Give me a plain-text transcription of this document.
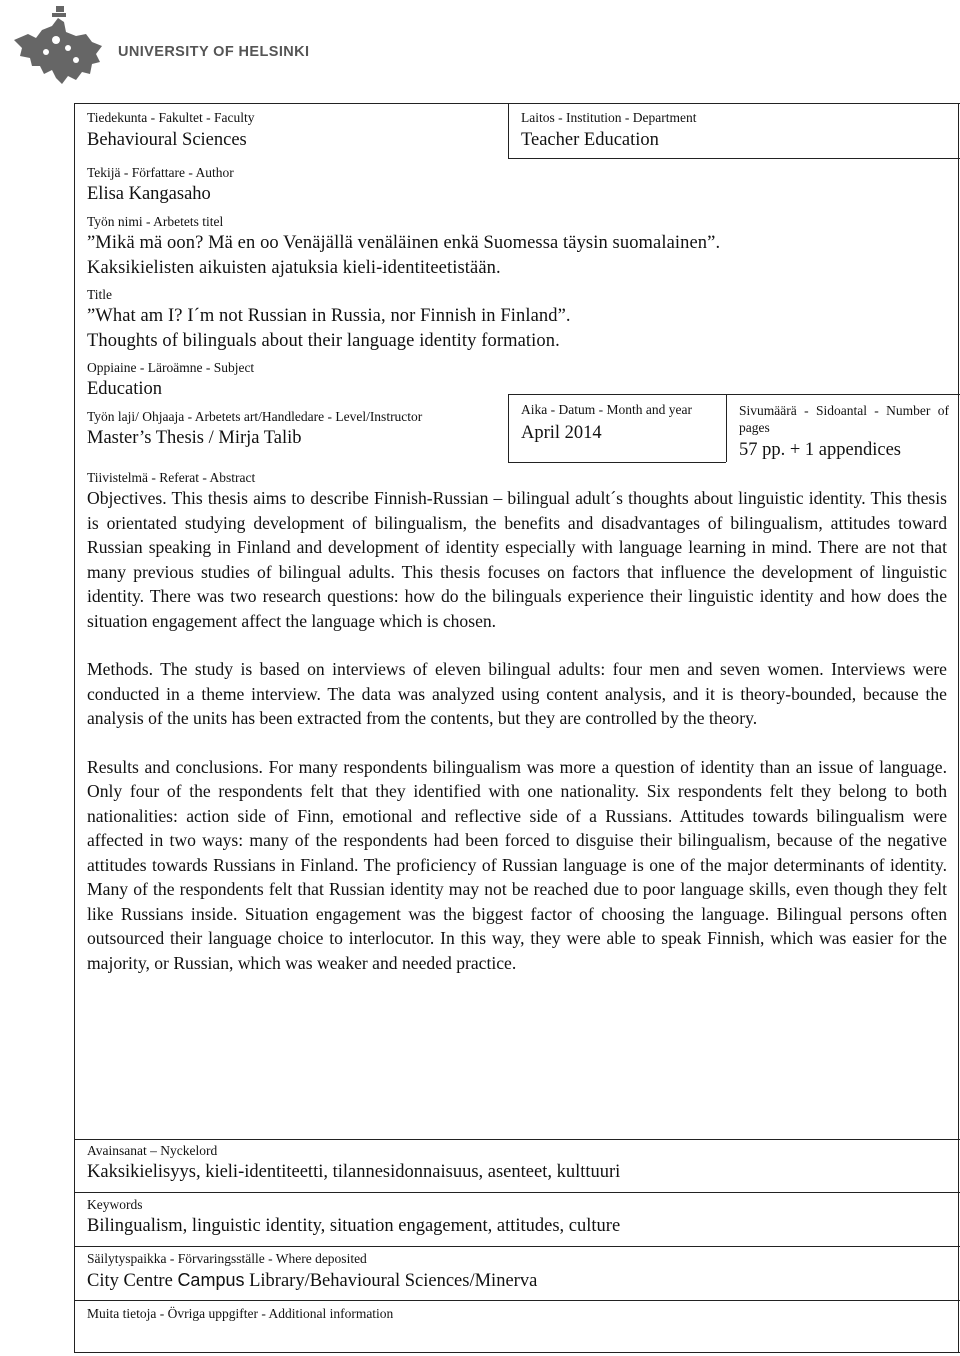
UNIVERSITY OF HELSINKI
Tiedekunta - Fakultet - Faculty
Behavioural Sciences
Laitos - Institution - Department
Teacher Education
Tekijä - Författare - Author
Elisa Kangasaho
Työn nimi - Arbetets titel
”Mikä mä oon? Mä en oo Venäjällä venäläinen enkä Suomessa täysin suomalainen”.
Kaksikielisten aikuisten ajatuksia kieli-identiteetistään.
Title
”What am I? I´m not Russian in Russia, nor Finnish in Finland”.
Thoughts of bilinguals about their language identity formation.
Oppiaine - Läroämne - Subject
Education
Työn laji/ Ohjaaja - Arbetets art/Handledare - Level/Instructor
Master’s Thesis / Mirja Talib
Aika - Datum - Month and year
April 2014
Sivumäärä - Sidoantal - Number of pages
57 pp. + 1 appendices
Tiivistelmä - Referat - Abstract

Objectives. This thesis aims to describe Finnish-Russian – bilingual adult´s thoughts about linguistic identity. This thesis is orientated studying development of bilingualism, the benefits and disadvantages of bilingualism, attitudes toward Russian speaking in Finland and development of identity especially with language learning in mind. There are not that many previous studies of bilingual adults. This thesis focuses on factors that influence the development of linguistic identity. There was two research questions: how do the bilinguals experience their linguistic identity and how does the situation engagement affect the language which is chosen.

Methods. The study is based on interviews of eleven bilingual adults: four men and seven women. Interviews were conducted in a theme interview. The data was analyzed using content analysis, and it is theory-bounded, because the analysis of the units has been extracted from the contents, but they are controlled by the theory.

Results and conclusions. For many respondents bilingualism was more a question of identity than an issue of language. Only four of the respondents felt that they identified with one nationality. Six respondents felt they belong to both nationalities: action side of Finn, emotional and reflective side of a Russians. Attitudes towards bilingualism were affected in two ways: many of the respondents had been forced to disguise their bilingualism, because of the negative attitudes towards Russians in Finland. The proficiency of Russian language is one of the major determinants of identity. Many of the respondents felt that Russian identity may not be reached due to poor language skills, even though they felt like Russians inside. Situation engagement was the biggest factor of choosing the language. Bilingual persons often outsourced their language choice to interlocutor. In this way, they were able to speak Finnish, which was easier for the majority, or Russian, which was weaker and needed practice.

Avainsanat – Nyckelord
Kaksikielisyys, kieli-identiteetti, tilannesidonnaisuus, asenteet, kulttuuri
Keywords
Bilingualism, linguistic identity, situation engagement, attitudes, culture
Säilytyspaikka - Förvaringsställe - Where deposited
City Centre Campus Library/Behavioural Sciences/Minerva
Muita tietoja - Övriga uppgifter - Additional information
